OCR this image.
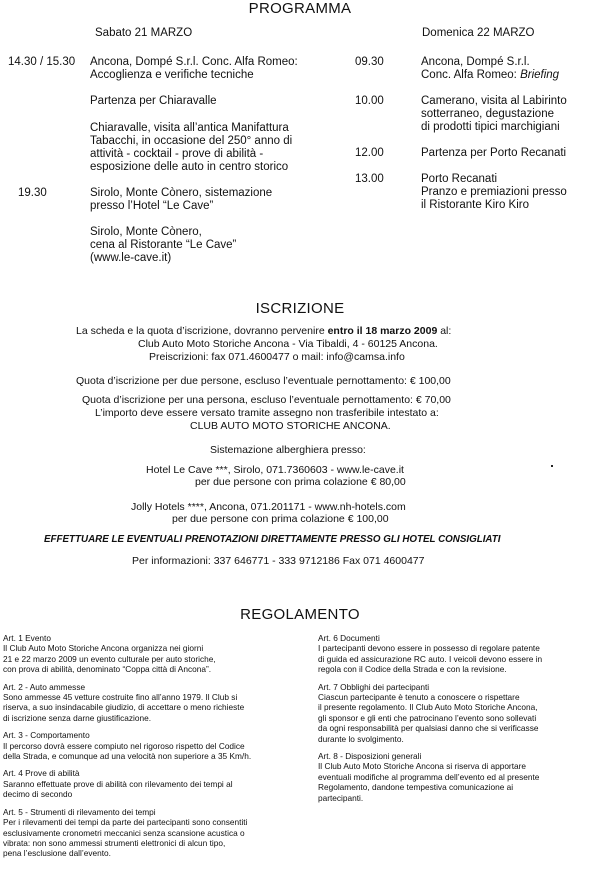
PROGRAMMA
Sabato 21 MARZO	Domenica 22 MARZO
14.30 / 15.30 Ancona, Dompé S.r.l. Conc. Alfa Romeo:
Accoglienza e verifiche tecniche
Partenza per Chiaravalle
Chiaravalle, visita all’antica Manifattura
Tabacchi, in occasione del 250° anno di
attività - cocktail - prove di abilità -
esposizione delle auto in centro storico
19.30	Sirolo, Monte Cònero, sistemazione
presso l’Hotel “Le Cave”
Sirolo, Monte Cònero,
cena al Ristorante “Le Cave”
(www.le-cave.it)
09.30	Ancona, Dompé S.r.l.
Conc. Alfa Romeo: Briefing
10.00	Camerano, visita al Labirinto
sotterraneo, degustazione
di prodotti tipici marchigiani
12.00	Partenza per Porto Recanati
13.00	Porto Recanati
Pranzo e premiazioni presso
il Ristorante Kiro Kiro
ISCRIZIONE
La scheda e la quota d’iscrizione, dovranno pervenire entro il 18 marzo 2009 al:
Club Auto Moto Storiche Ancona - Via Tibaldi, 4 - 60125 Ancona.
Preiscrizioni: fax 071.4600477 o mail: info@camsa.info
Quota d’iscrizione per due persone, escluso l’eventuale pernottamento: € 100,00
Quota d’iscrizione per una persona, escluso l’eventuale pernottamento: € 70,00
L’importo deve essere versato tramite assegno non trasferibile intestato a:
CLUB AUTO MOTO STORICHE ANCONA.
Sistemazione alberghiera presso:
Hotel Le Cave ***, Sirolo, 071.7360603 - www.le-cave.it
per due persone con prima colazione € 80,00
Jolly Hotels ****, Ancona, 071.201171 - www.nh-hotels.com
per due persone con prima colazione € 100,00
EFFETTUARE LE EVENTUALI PRENOTAZIONI DIRETTAMENTE PRESSO GLI HOTEL CONSIGLIATI
Per informazioni: 337 646771 - 333 9712186 Fax 071 4600477
REGOLAMENTO
Art. 1 Evento
Il Club Auto Moto Storiche Ancona organizza nei giorni
21 e 22 marzo 2009 un evento culturale per auto storiche,
con prova di abilità, denominato “Coppa città di Ancona”.
Art. 2 - Auto ammesse
Sono ammesse 45 vetture costruite fino all’anno 1979. Il Club si
riserva, a suo insindacabile giudizio, di accettare o meno richieste
di iscrizione senza darne giustificazione.
Art. 3 - Comportamento
Il percorso dovrà essere compiuto nel rigoroso rispetto del Codice
della Strada, e comunque ad una velocità non superiore a 35 Km/h.
Art. 4 Prove di abilità
Saranno effettuate prove di abilità con rilevamento dei tempi al
decimo di secondo
Art. 5 - Strumenti di rilevamento dei tempi
Per i rilevamenti dei tempi da parte dei partecipanti sono consentiti
esclusivamente cronometri meccanici senza scansione acustica o
vibrata: non sono ammessi strumenti elettronici di alcun tipo,
pena l’esclusione dall’evento.
Art. 6 Documenti
I partecipanti devono essere in possesso di regolare patente
di guida ed assicurazione RC auto. I veicoli devono essere in
regola con il Codice della Strada e con la revisione.
Art. 7 Obblighi dei partecipanti
Ciascun partecipante è tenuto a conoscere o rispettare
il presente regolamento. Il Club Auto Moto Storiche Ancona,
gli sponsor e gli enti che patrocinano l’evento sono sollevati
da ogni responsabilità per qualsiasi danno che si verificasse
durante lo svolgimento.
Art. 8 - Disposizioni generali
Il Club Auto Moto Storiche Ancona si riserva di apportare
eventuali modifiche al programma dell’evento ed al presente
Regolamento, dandone tempestiva comunicazione ai
partecipanti.
